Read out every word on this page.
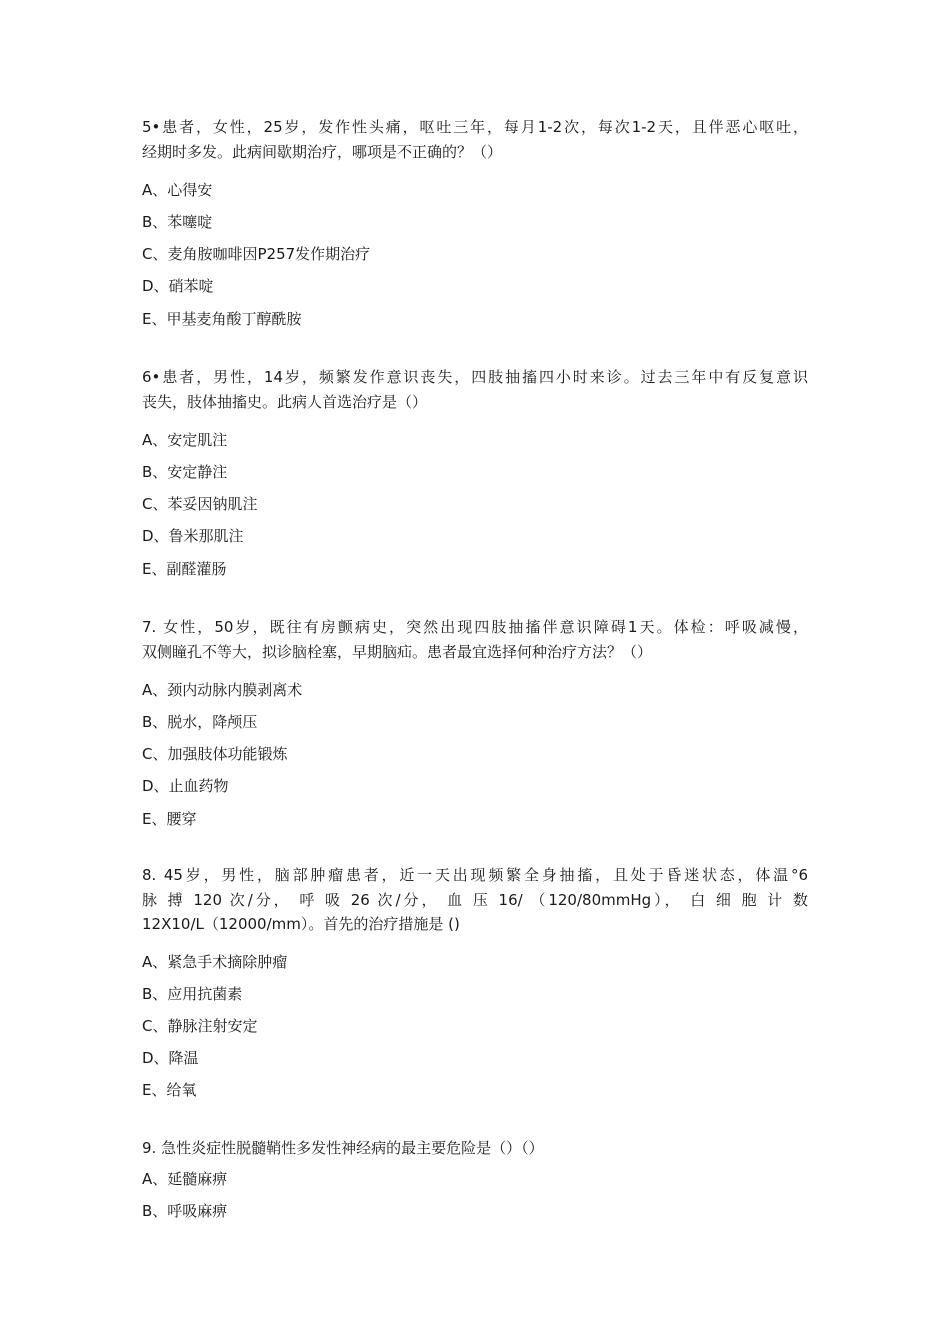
5•患者，女性，25岁，发作性头痛，呕吐三年，每月1-2次，每次1-2天，且伴恶心呕吐，
经期时多发。此病间歇期治疗，哪项是不正确的？（）
A、心得安
B、苯噻啶
C、麦角胺咖啡因P257发作期治疗
D、硝苯啶
E、甲基麦角酸丁醇酰胺
6•患者，男性，14岁，频繁发作意识丧失，四肢抽搐四小时来诊。过去三年中有反复意识
丧失，肢体抽搐史。此病人首选治疗是（）
A、安定肌注
B、安定静注
C、苯妥因钠肌注
D、鲁米那肌注
E、副醛灌肠
7. 女性，50岁，既往有房颤病史，突然出现四肢抽搐伴意识障碍1天。体检：呼吸减慢，
双侧瞳孔不等大，拟诊脑栓塞，早期脑疝。患者最宜选择何种治疗方法？（）
A、颈内动脉内膜剥离术
B、脱水，降颅压
C、加强肢体功能锻炼
D、止血药物
E、腰穿
8. 45岁，男性，脑部肿瘤患者，近一天出现频繁全身抽搐，且处于昏迷状态，体温°6
脉 搏 120 次/分， 呼 吸 26 次/分， 血 压 16/ （120/80mmHg）， 白 细 胞 计 数
12X10/L（12000/mm）。首先的治疗措施是 ()
A、紧急手术摘除肿瘤
B、应用抗菌素
C、静脉注射安定
D、降温
E、给氧
9. 急性炎症性脱髓鞘性多发性神经病的最主要危险是（）（）
A、延髓麻痹
B、呼吸麻痹
